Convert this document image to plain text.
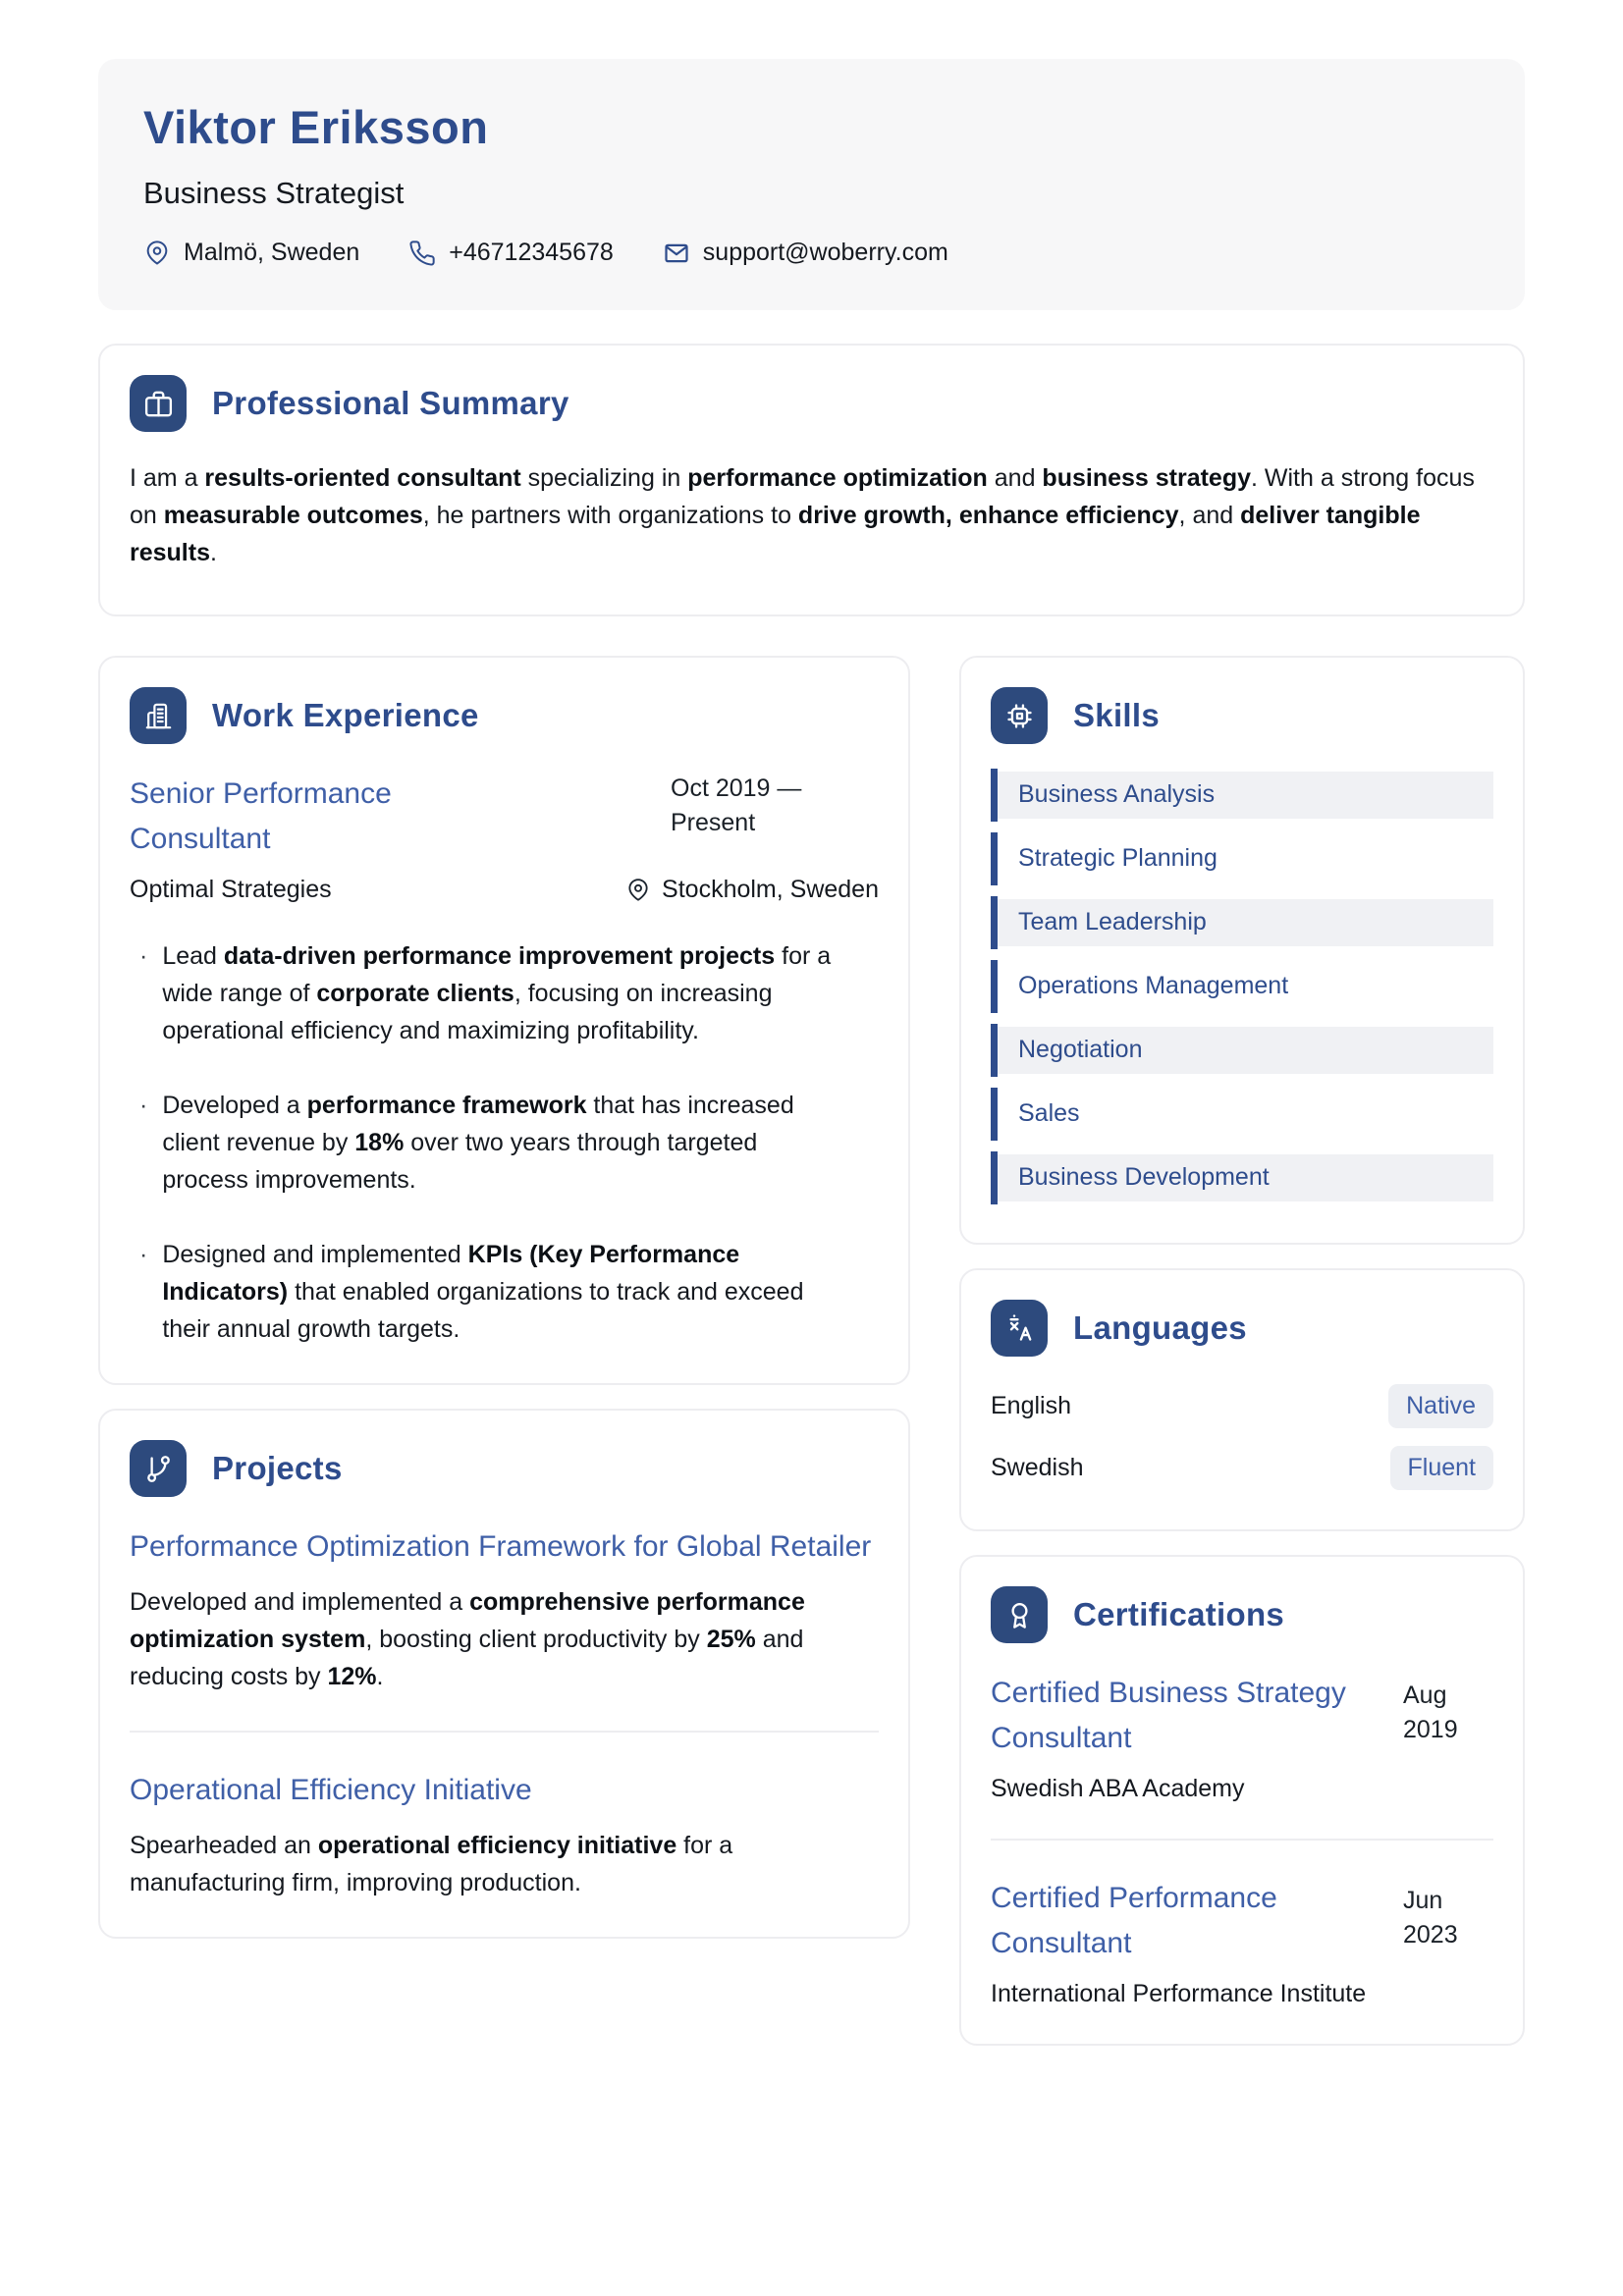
Viktor Eriksson
Business Strategist
Malmö, Sweden	+46712345678	support@woberry.com
Professional Summary

I am a results-oriented consultant specializing in performance optimization and business strategy. With a strong focus on measurable outcomes, he partners with organizations to drive growth, enhance efficiency, and deliver tangible results.

Work Experience
Senior Performance Consultant
Oct 2019 — Present
Optimal Strategies	Stockholm, Sweden
· Lead data-driven performance improvement projects for a wide range of corporate clients, focusing on increasing operational efficiency and maximizing profitability.
· Developed a performance framework that has increased client revenue by 18% over two years through targeted process improvements.
· Designed and implemented KPIs (Key Performance Indicators) that enabled organizations to track and exceed their annual growth targets.
Projects
Performance Optimization Framework for Global Retailer

Developed and implemented a comprehensive performance optimization system, boosting client productivity by 25% and reducing costs by 12%.

Operational Efficiency Initiative

Spearheaded an operational efficiency initiative for a manufacturing firm, improving production.

Skills
Business Analysis
Strategic Planning
Team Leadership
Operations Management
Negotiation
Sales
Business Development
Languages
English	Native
Swedish	Fluent
Certifications
Certified Business Strategy Consultant
Aug 2019
Swedish ABA Academy
Certified Performance Consultant
Jun 2023
International Performance Institute
